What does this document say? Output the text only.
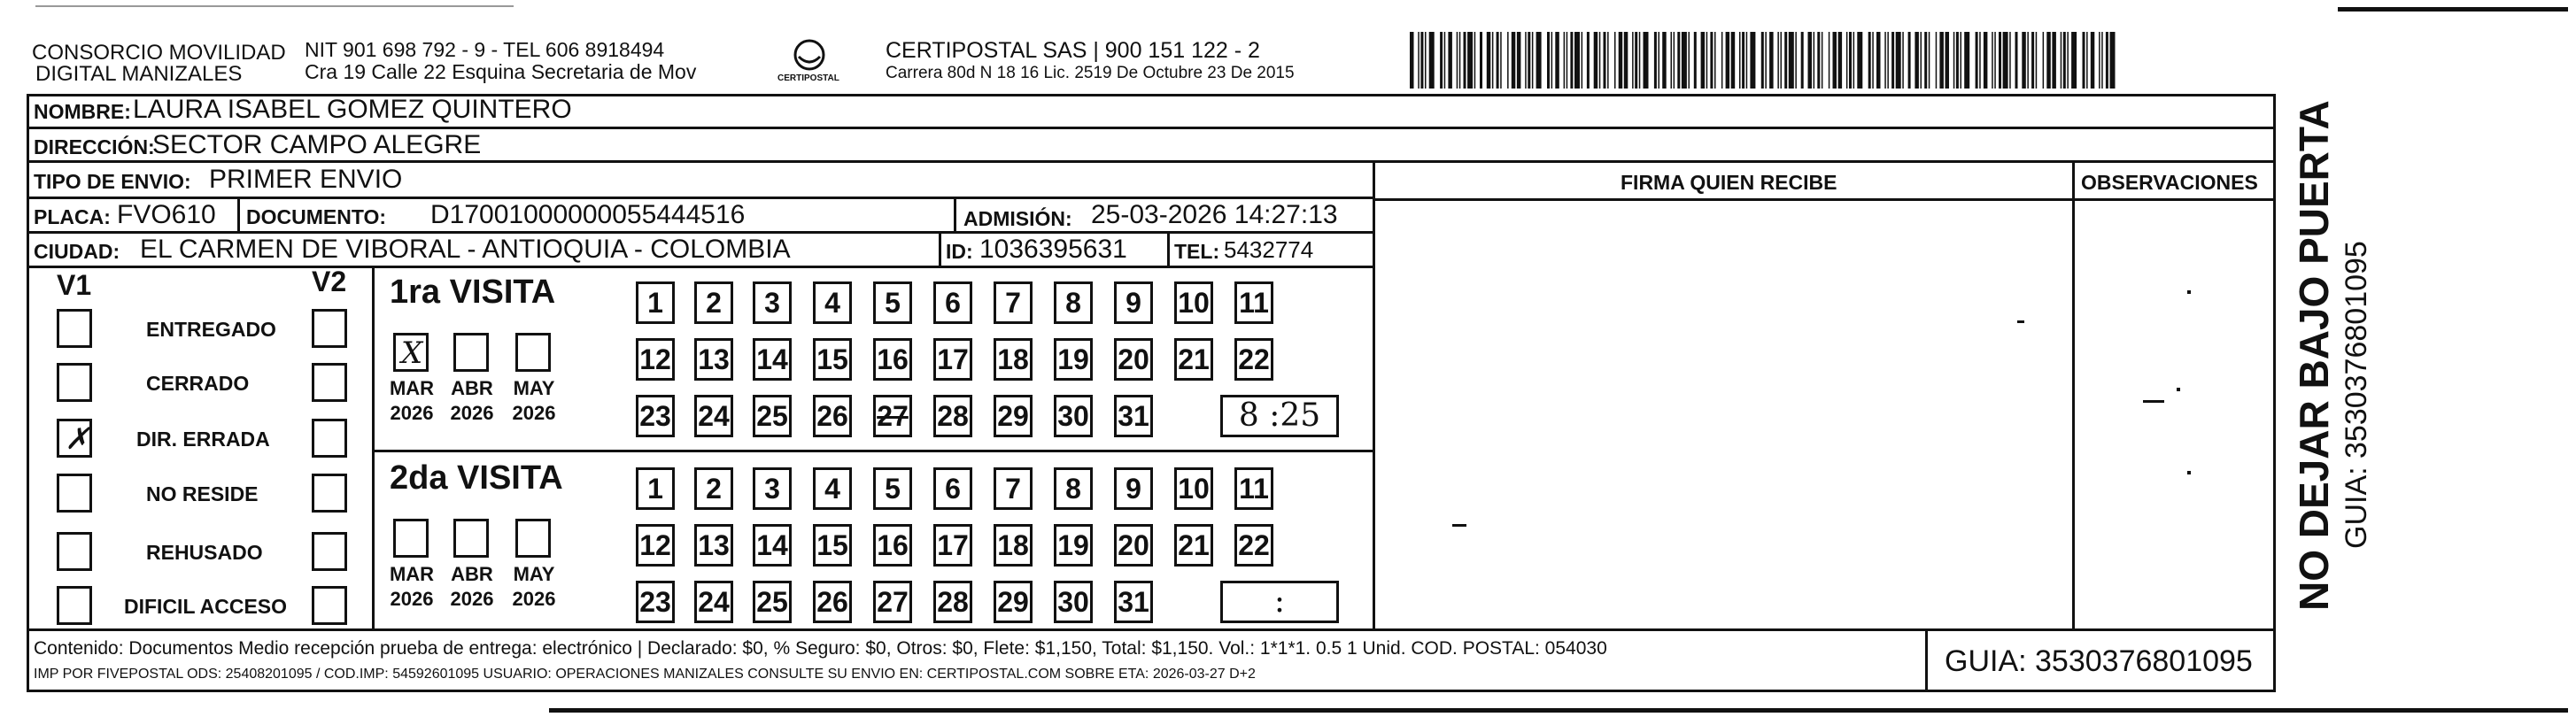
CONSORCIO MOVILIDAD
DIGITAL MANIZALES
NIT 901 698 792 - 9 - TEL 606 8918494
Cra 19 Calle 22 Esquina Secretaria de Mov	CERTIPOSTAL
CERTIPOSTAL SAS | 900 151 122 - 2
Carrera 80d N 18 16 Lic. 2519 De Octubre 23 De 2015
NOMBRE: LAURA ISABEL GOMEZ QUINTERO
DIRECCIÓN:
SECTOR CAMPO ALEGRE
TIPO DE ENVIO: PRIMER ENVIO
PLACA: FVO610 DOCUMENTO: D17001000000055444516	ADMISIÓN: 25-03-2026 14:27:13
CIUDAD: EL CARMEN DE VIBORAL - ANTIOQUIA - COLOMBIA	ID: 1036395631 TEL: 5432774
FIRMA QUIEN RECIBE	OBSERVACIONES
V1	V2
ENTREGADO
CERRADO
✗ DIR. ERRADA
NO RESIDE
REHUSADO
DIFICIL ACCESO
1ra VISITA
2da VISITA
X
MAR
2026
ABR
2026
MAY
2026
1	2	3	4	5	6	7	8	9	10 11
12 13 14 15 16 17 18 19 20 21 22
23 24 25 26 27 28 29 30 31	8 :25
MAR
2026
ABR
2026
MAY
2026
1	2	3	4	5	6	7	8	9	10 11
12 13 14 15 16 17 18 19 20 21 22
23 24 25 26 27 28 29 30 31	:
Contenido: Documentos Medio recepción prueba de entrega: electrónico | Declarado: $0, % Seguro: $0, Otros: $0, Flete: $1,150, Total: $1,150. Vol.: 1*1*1. 0.5 1 Unid. COD. POSTAL: 054030
IMP POR FIVEPOSTAL ODS: 25408201095 / COD.IMP: 54592601095 USUARIO: OPERACIONES MANIZALES CONSULTE SU ENVIO EN: CERTIPOSTAL.COM SOBRE ETA: 2026-03-27 D+2	GUIA: 3530376801095
NO DEJAR BAJO PUERTA GUIA: 3530376801095
